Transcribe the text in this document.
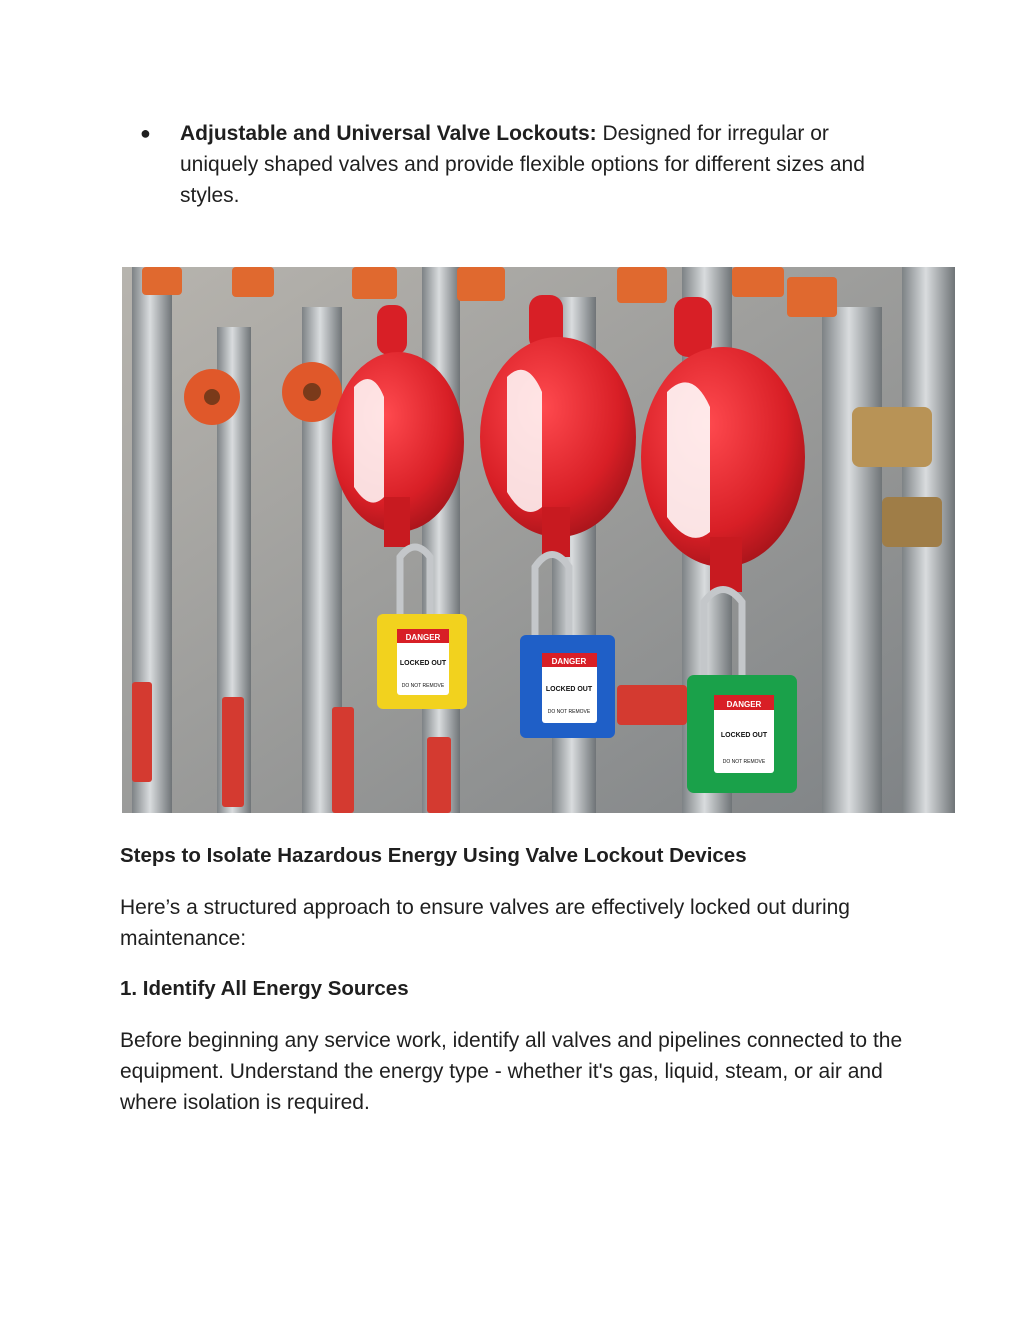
● Adjustable and Universal Valve Lockouts: Designed for irregular or uniquely shaped valves and provide flexible options for different sizes and styles.
DANGER
LOCKED OUT
DO NOT REMOVE
DANGER
LOCKED OUT
DO NOT REMOVE
DANGER
LOCKED OUT
DO NOT REMOVE
Steps to Isolate Hazardous Energy Using Valve Lockout Devices
Here’s a structured approach to ensure valves are effectively locked out during maintenance:
1. Identify All Energy Sources
Before beginning any service work, identify all valves and pipelines connected to the equipment. Understand the energy type - whether it's gas, liquid, steam, or air and where isolation is required.
